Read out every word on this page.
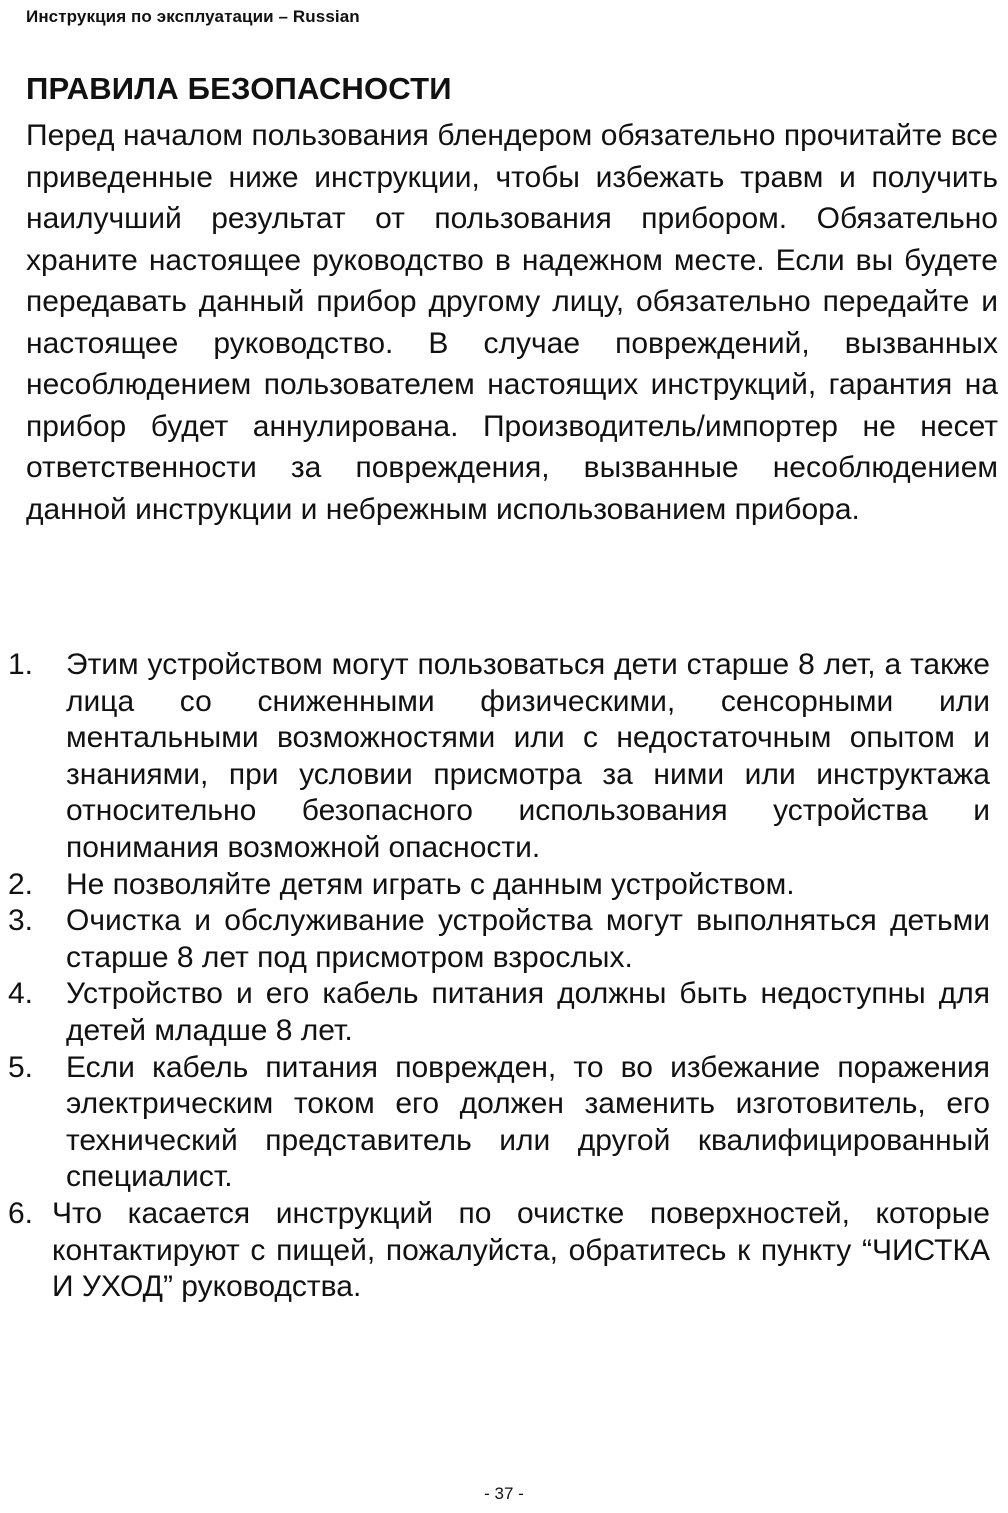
Инструкция по эксплуатации – Russian
ПРАВИЛА БЕЗОПАСНОСТИ
Перед началом пользования блендером обязательно прочитайте все приведенные ниже инструкции, чтобы избежать травм и получить наилучший результат от пользования прибором. Обязательно храните настоящее руководство в надежном месте. Если вы будете передавать данный прибор другому лицу, обязательно передайте и настоящее руководство. В случае повреждений, вызванных несоблюдением пользователем настоящих инструкций, гарантия на прибор будет аннулирована. Производитель/импортер не несет ответственности за повреждения, вызванные несоблюдением данной инструкции и небрежным использованием прибора.
1. Этим устройством могут пользоваться дети старше 8 лет, а также лица со сниженными физическими, сенсорными или ментальными возможностями или с недостаточным опытом и знаниями, при условии присмотра за ними или инструктажа относительно безопасного использования устройства и понимания возможной опасности.
2. Не позволяйте детям играть с данным устройством.
3. Очистка и обслуживание устройства могут выполняться детьми старше 8 лет под присмотром взрослых.
4. Устройство и его кабель питания должны быть недоступны для детей младше 8 лет.
5. Если кабель питания поврежден, то во избежание поражения электрическим током его должен заменить изготовитель, его технический представитель или другой квалифицированный специалист.
6. Что касается инструкций по очистке поверхностей, которые контактируют с пищей, пожалуйста, обратитесь к пункту “ЧИСТКА И УХОД” руководства.
- 37 -
